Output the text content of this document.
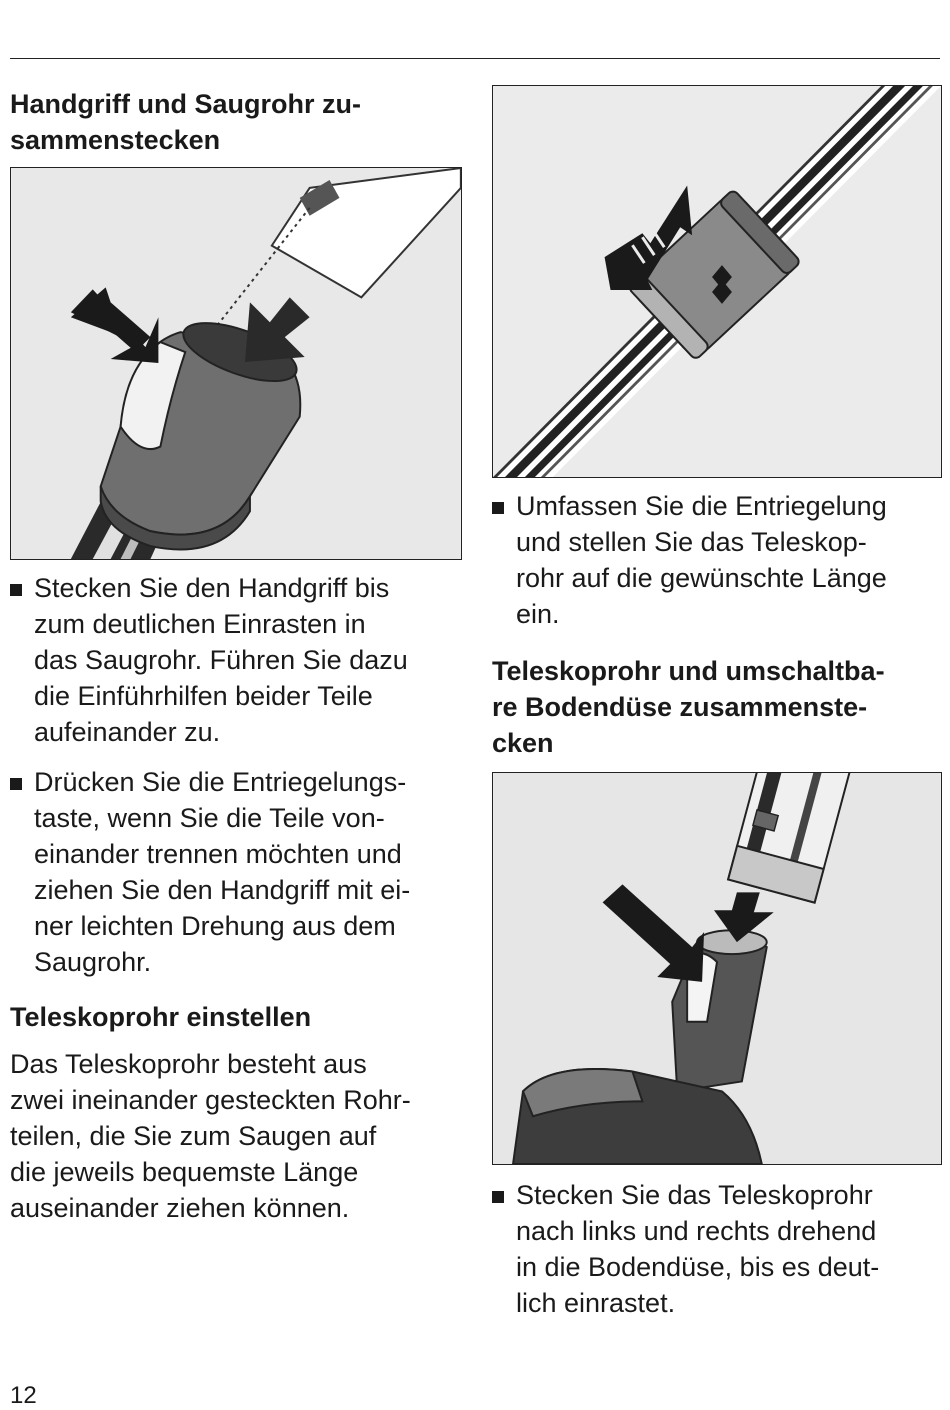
Handgriff und Saugrohr zu-
sammenstecken
Stecken Sie den Handgriff bis
zum deutlichen Einrasten in
das Saugrohr. Führen Sie dazu
die Einführhilfen beider Teile
aufeinander zu.
Drücken Sie die Entriegelungs-
taste, wenn Sie die Teile von-
einander trennen möchten und
ziehen Sie den Handgriff mit ei-
ner leichten Drehung aus dem
Saugrohr.
Teleskoprohr einstellen

Das Teleskoprohr besteht aus
zwei ineinander gesteckten Rohr-
teilen, die Sie zum Saugen auf
die jeweils bequemste Länge
auseinander ziehen können.

Umfassen Sie die Entriegelung
und stellen Sie das Teleskop-
rohr auf die gewünschte Länge
ein.
Teleskoprohr und umschaltba-
re Bodendüse zusammenste-
cken
Stecken Sie das Teleskoprohr
nach links und rechts drehend
in die Bodendüse, bis es deut-
lich einrastet.
12
